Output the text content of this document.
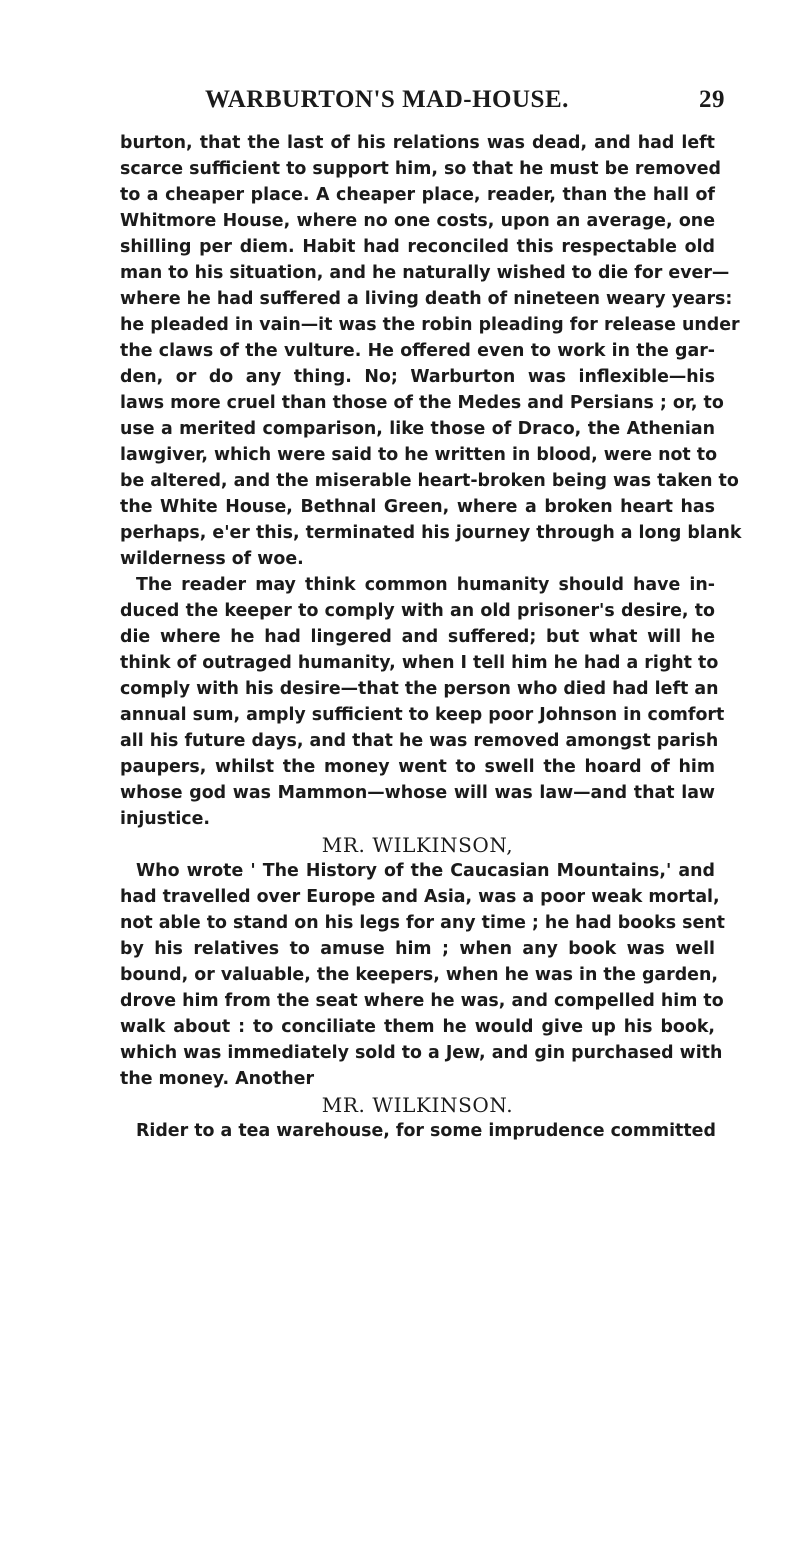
WARBURTON'S MAD-HOUSE.	29
burton, that the last of his relations was dead, and had left
scarce sufficient to support him, so that he must be removed
to a cheaper place. A cheaper place, reader, than the hall of
Whitmore House, where no one costs, upon an average, one
shilling per diem. Habit had reconciled this respectable old
man to his situation, and he naturally wished to die for ever—
where he had suffered a living death of nineteen weary years:
he pleaded in vain—it was the robin pleading for release under
the claws of the vulture. He offered even to work in the gar-
den, or do any thing. No; Warburton was inflexible—his
laws more cruel than those of the Medes and Persians ; or, to
use a merited comparison, like those of Draco, the Athenian
lawgiver, which were said to he written in blood, were not to
be altered, and the miserable heart-broken being was taken to
the White House, Bethnal Green, where a broken heart has
perhaps, e'er this, terminated his journey through a long blank
wilderness of woe.
The reader may think common humanity should have in-
duced the keeper to comply with an old prisoner's desire, to
die where he had lingered and suffered; but what will he
think of outraged humanity, when I tell him he had a right to
comply with his desire—that the person who died had left an
annual sum, amply sufficient to keep poor Johnson in comfort
all his future days, and that he was removed amongst parish
paupers, whilst the money went to swell the hoard of him
whose god was Mammon—whose will was law—and that law
injustice.
MR. WILKINSON,
Who wrote ' The History of the Caucasian Mountains,' and
had travelled over Europe and Asia, was a poor weak mortal,
not able to stand on his legs for any time ; he had books sent
by his relatives to amuse him ; when any book was well
bound, or valuable, the keepers, when he was in the garden,
drove him from the seat where he was, and compelled him to
walk about : to conciliate them he would give up his book,
which was immediately sold to a Jew, and gin purchased with
the money. Another
MR. WILKINSON.
Rider to a tea warehouse, for some imprudence committed
